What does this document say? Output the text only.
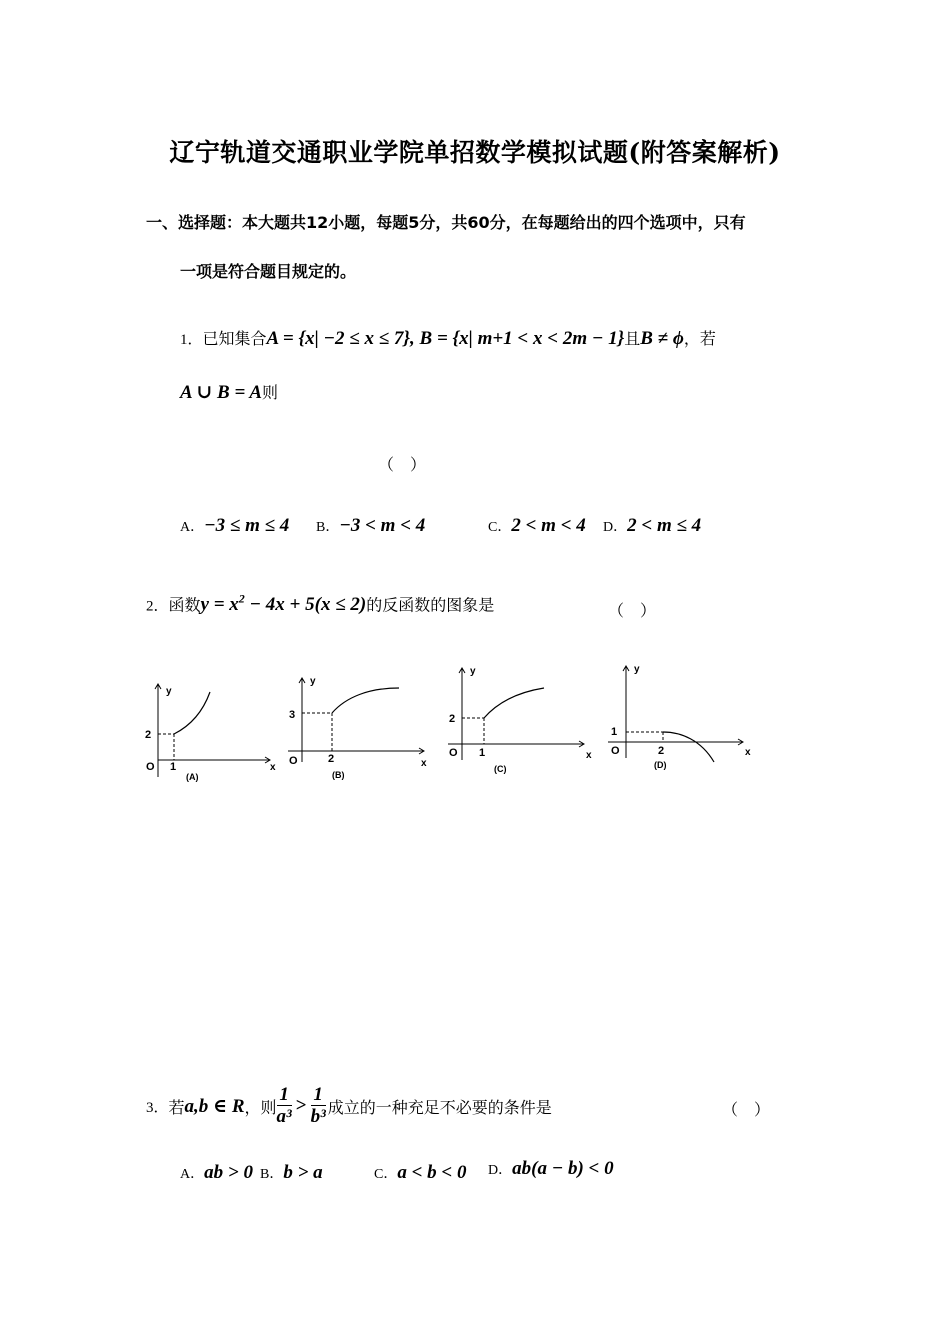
辽宁轨道交通职业学院单招数学模拟试题(附答案解析)
一、选择题：本大题共12小题，每题5分，共60分，在每题给出的四个选项中，只有
一项是符合题目规定的。
1．已知集合A = {x| −2 ≤ x ≤ 7}, B = {x| m+1 < x < 2m − 1}且B ≠ ϕ，若
A ∪ B = A则
（　）
A．−3 ≤ m ≤ 4 B．−3 < m < 4	C．2 < m < 4 D．2 < m ≤ 4
2．函数$y = x^2 - 4x + 5(x \le 2)$的反函数的图象是	（　）
2
1
O	x
y
(A)
3
2
O	x
y
(B)
2
1
O	x
y
(C)
1
2
O	x
y
(D)
3． 若 a,b ∈ R ，则 $\frac{1}{\text{a³}} > \frac{1}{\text{b³}}$ 成立的一种充足不必要的条件是	（　）
A．ab > 0 B．b > a	C．a < b < 0 D．ab(a − b) < 0
